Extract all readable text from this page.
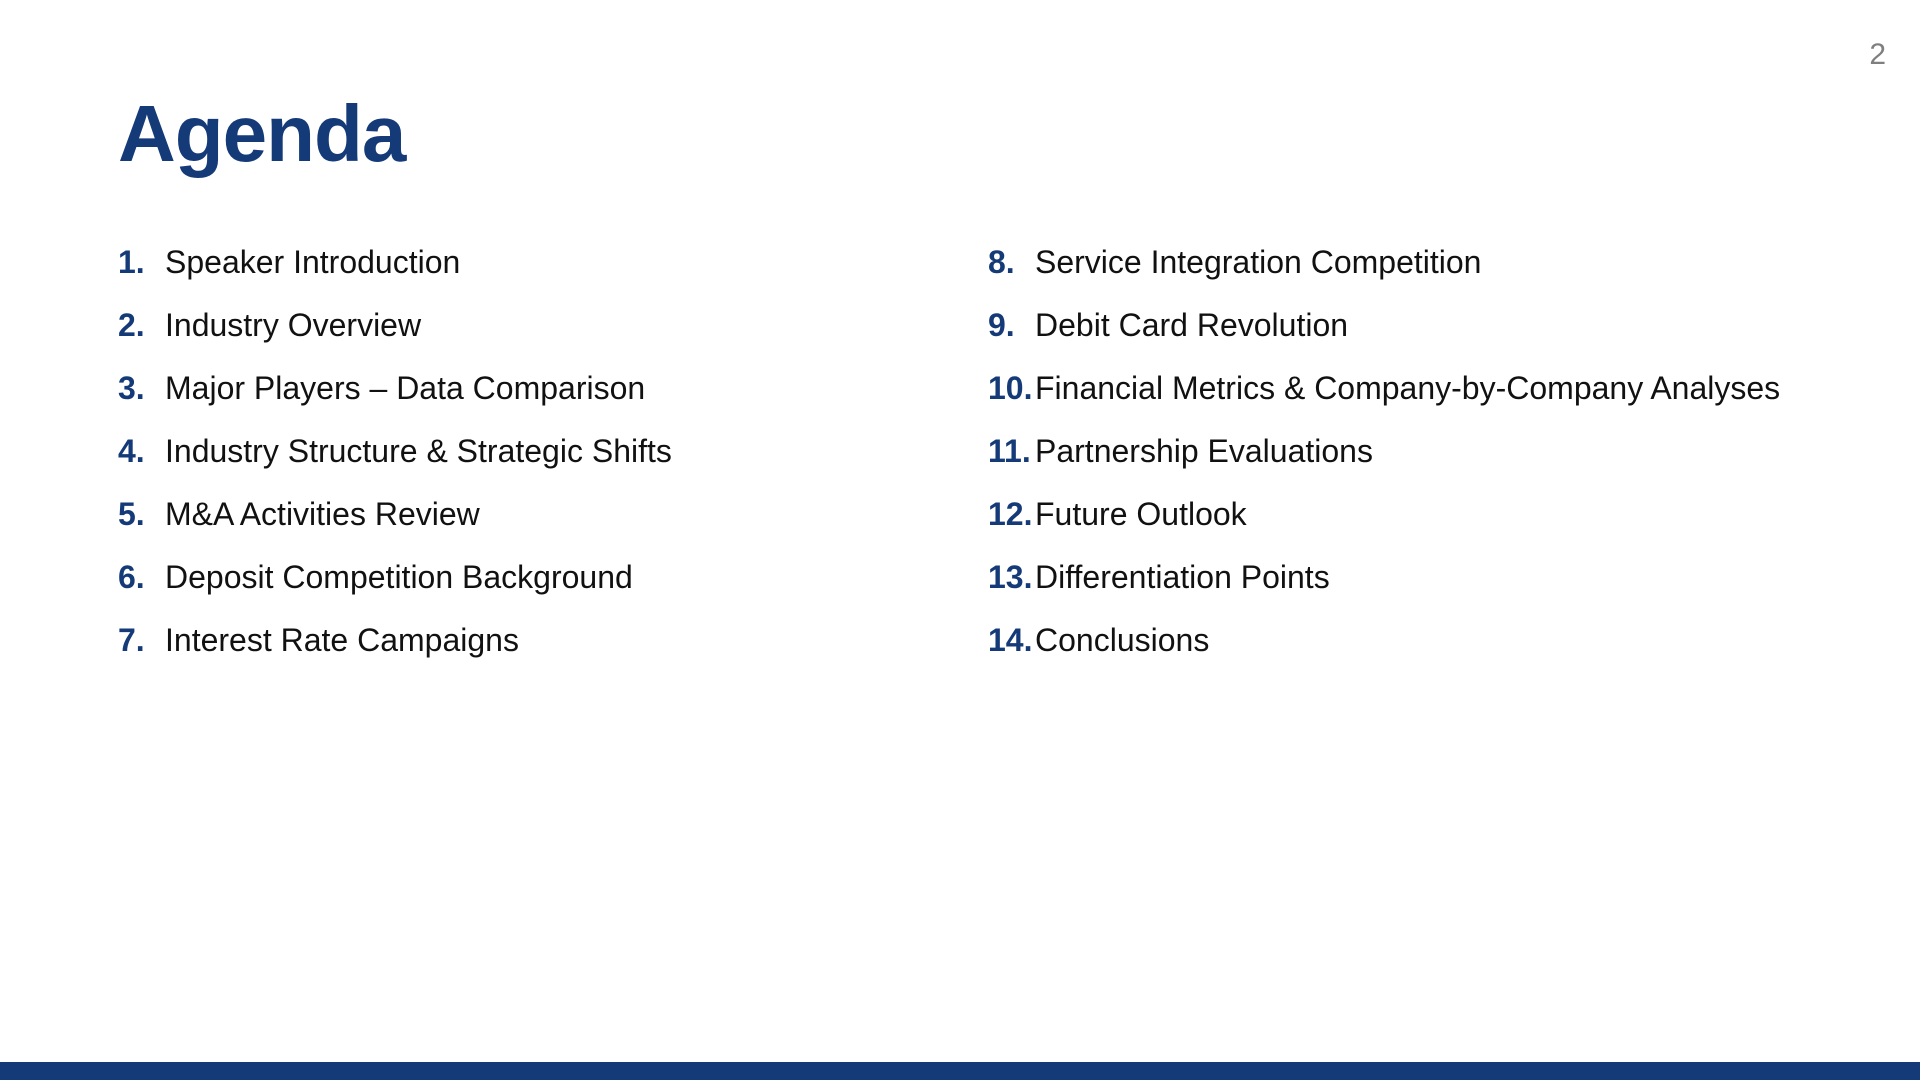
2
Agenda
1. Speaker Introduction
2. Industry Overview
3. Major Players – Data Comparison
4. Industry Structure & Strategic Shifts
5. M&A Activities Review
6. Deposit Competition Background
7. Interest Rate Campaigns
8. Service Integration Competition
9. Debit Card Revolution
10. Financial Metrics & Company-by-Company Analyses
11. Partnership Evaluations
12. Future Outlook
13. Differentiation Points
14. Conclusions
